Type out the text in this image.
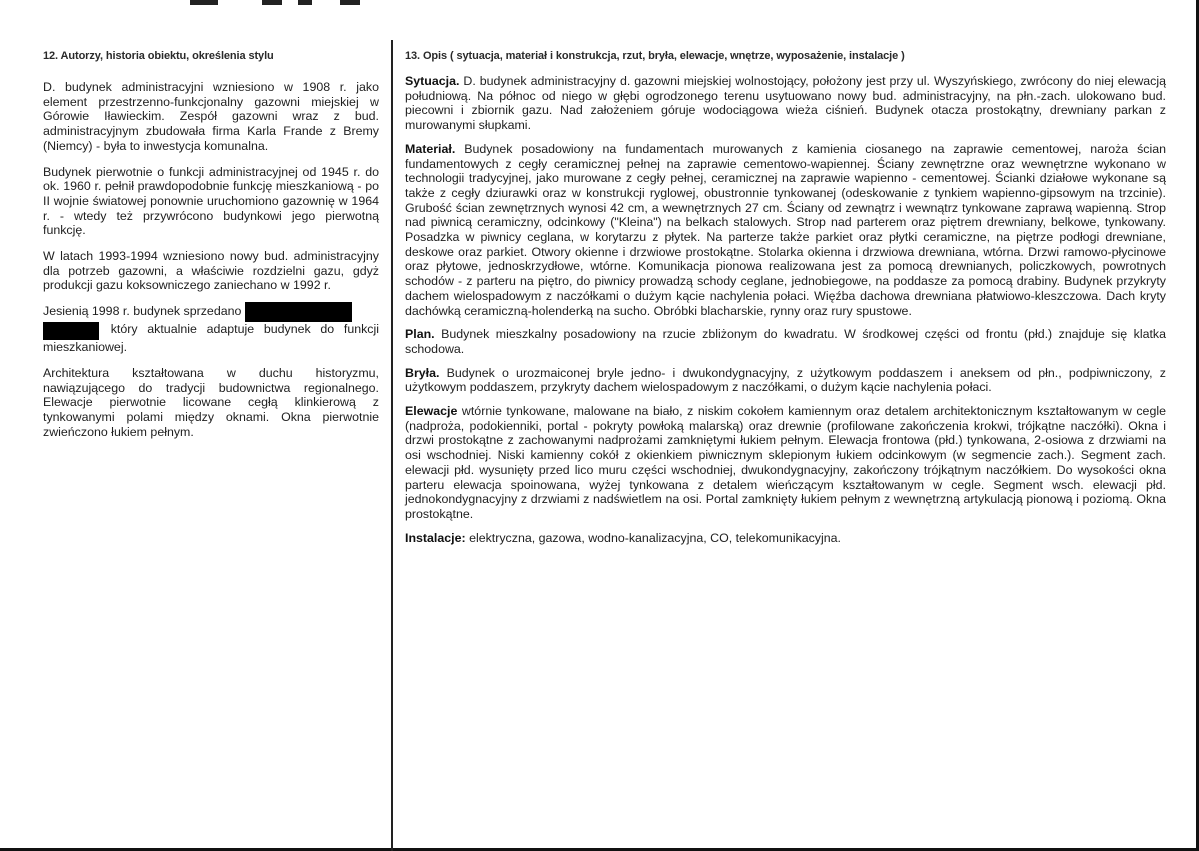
12. Autorzy, historia obiektu, określenia stylu

D. budynek administracyjni wzniesiono w 1908 r. jako element przestrzenno-funkcjonalny gazowni miejskiej w Górowie Iławieckim. Zespół gazowni wraz z bud. administracyjnym zbudowała firma Karla Frande z Bremy (Niemcy) - była to inwestycja komunalna.

Budynek pierwotnie o funkcji administracyjnej od 1945 r. do ok. 1960 r. pełnił prawdopodobnie funkcję mieszkaniową - po II wojnie światowej ponownie uruchomiono gazownię w 1964 r. - wtedy też przywrócono budynkowi jego pierwotną funkcję.

W latach 1993-1994 wzniesiono nowy bud. administracyjny dla potrzeb gazowni, a właściwie rozdzielni gazu, gdyż produkcji gazu koksowniczego zaniechano w 1992 r.

Jesienią 1998 r. budynek sprzedano
który aktualnie adaptuje budynek do funkcji mieszkaniowej.

Architektura kształtowana w duchu historyzmu, nawiązującego do tradycji budownictwa regionalnego. Elewacje pierwotnie licowane cegłą klinkierową z tynkowanymi polami między oknami. Okna pierwotnie zwieńczono łukiem pełnym.

13. Opis ( sytuacja, materiał i konstrukcja, rzut, bryła, elewacje, wnętrze, wyposażenie, instalacje )

Sytuacja. D. budynek administracyjny d. gazowni miejskiej wolnostojący, położony jest przy ul. Wyszyńskiego, zwrócony do niej elewacją południową. Na północ od niego w głębi ogrodzonego terenu usytuowano nowy bud. administracyjny, na płn.-zach. ulokowano bud. piecowni i zbiornik gazu. Nad założeniem góruje wodociągowa wieża ciśnień. Budynek otacza prostokątny, drewniany parkan z murowanymi słupkami.

Materiał. Budynek posadowiony na fundamentach murowanych z kamienia ciosanego na zaprawie cementowej, naroża ścian fundamentowych z cegły ceramicznej pełnej na zaprawie cementowo-wapiennej. Ściany zewnętrzne oraz wewnętrzne wykonano w technologii tradycyjnej, jako murowane z cegły pełnej, ceramicznej na zaprawie wapienno - cementowej. Ścianki działowe wykonane są także z cegły dziurawki oraz w konstrukcji ryglowej, obustronnie tynkowanej (odeskowanie z tynkiem wapienno-gipsowym na trzcinie). Grubość ścian zewnętrznych wynosi 42 cm, a wewnętrznych 27 cm. Ściany od zewnątrz i wewnątrz tynkowane zaprawą wapienną. Strop nad piwnicą ceramiczny, odcinkowy ("Kleina") na belkach stalowych. Strop nad parterem oraz piętrem drewniany, belkowe, tynkowany. Posadzka w piwnicy ceglana, w korytarzu z płytek. Na parterze także parkiet oraz płytki ceramiczne, na piętrze podłogi drewniane, deskowe oraz parkiet. Otwory okienne i drzwiowe prostokątne. Stolarka okienna i drzwiowa drewniana, wtórna. Drzwi ramowo-płycinowe oraz płytowe, jednoskrzydłowe, wtórne. Komunikacja pionowa realizowana jest za pomocą drewnianych, policzkowych, powrotnych schodów - z parteru na piętro, do piwnicy prowadzą schody ceglane, jednobiegowe, na poddasze za pomocą drabiny. Budynek przykryty dachem wielospadowym z naczółkami o dużym kącie nachylenia połaci. Więźba dachowa drewniana płatwiowo-kleszczowa. Dach kryty dachówką ceramiczną-holenderką na sucho. Obróbki blacharskie, rynny oraz rury spustowe.

Plan. Budynek mieszkalny posadowiony na rzucie zbliżonym do kwadratu. W środkowej części od frontu (płd.) znajduje się klatka schodowa.

Bryła. Budynek o urozmaiconej bryle jedno- i dwukondygnacyjny, z użytkowym poddaszem i aneksem od płn., podpiwniczony, z użytkowym poddaszem, przykryty dachem wielospadowym z naczółkami, o dużym kącie nachylenia połaci.

Elewacje wtórnie tynkowane, malowane na biało, z niskim cokołem kamiennym oraz detalem architektonicznym kształtowanym w cegle (nadproża, podokienniki, portal - pokryty powłoką malarską) oraz drewnie (profilowane zakończenia krokwi, trójkątne naczółki). Okna i drzwi prostokątne z zachowanymi nadprożami zamkniętymi łukiem pełnym. Elewacja frontowa (płd.) tynkowana, 2-osiowa z drzwiami na osi wschodniej. Niski kamienny cokół z okienkiem piwnicznym sklepionym łukiem odcinkowym (w segmencie zach.). Segment zach. elewacji płd. wysunięty przed lico muru części wschodniej, dwukondygnacyjny, zakończony trójkątnym naczółkiem. Do wysokości okna parteru elewacja spoinowana, wyżej tynkowana z detalem wieńczącym kształtowanym w cegle. Segment wsch. elewacji płd. jednokondygnacyjny z drzwiami z nadświetlem na osi. Portal zamknięty łukiem pełnym z wewnętrzną artykulacją pionową i poziomą. Okna prostokątne.

Instalacje: elektryczna, gazowa, wodno-kanalizacyjna, CO, telekomunikacyjna.
